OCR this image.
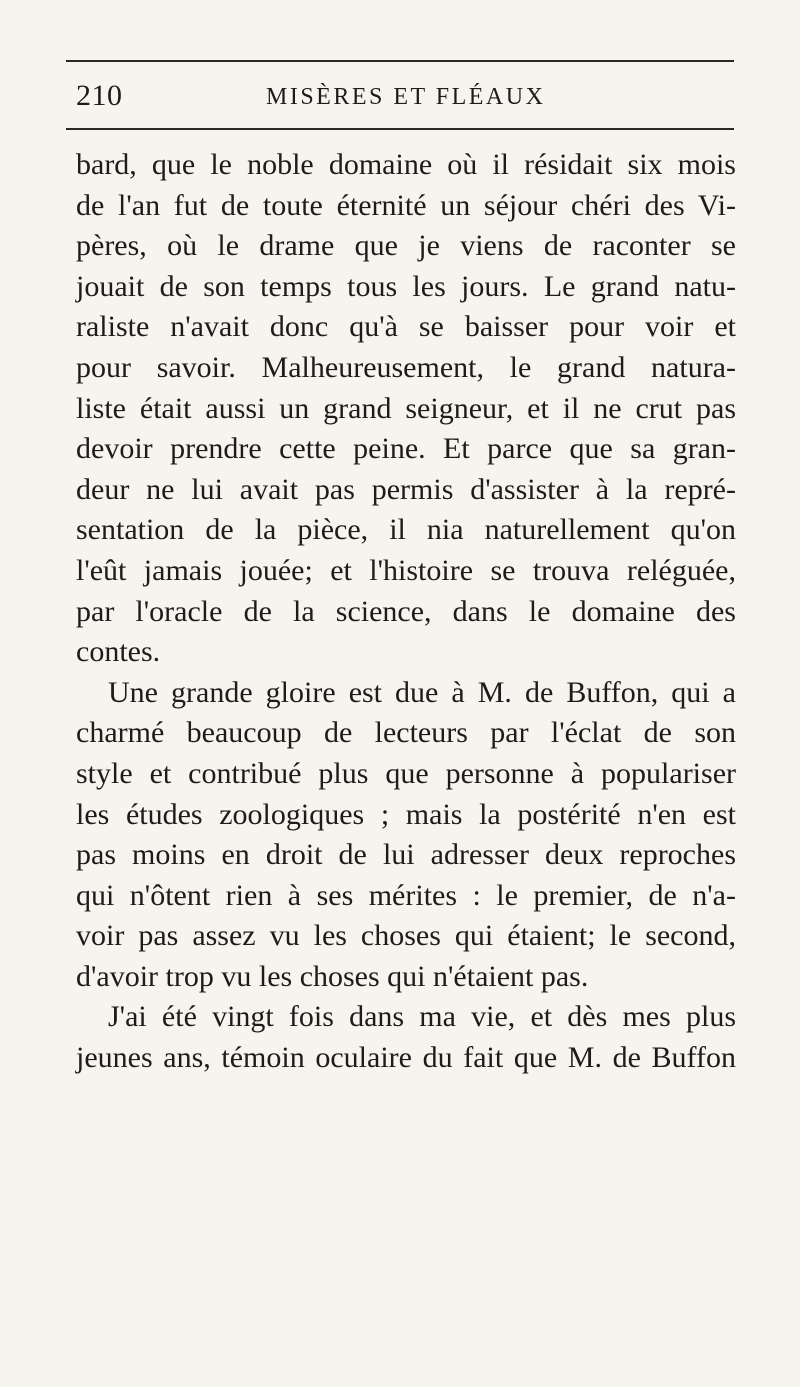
210	MISÈRES ET FLÉAUX
bard, que le noble domaine où il résidait six mois
de l'an fut de toute éternité un séjour chéri des Vi-
pères, où le drame que je viens de raconter se
jouait de son temps tous les jours. Le grand natu-
raliste n'avait donc qu'à se baisser pour voir et
pour savoir. Malheureusement, le grand natura-
liste était aussi un grand seigneur, et il ne crut pas
devoir prendre cette peine. Et parce que sa gran-
deur ne lui avait pas permis d'assister à la repré-
sentation de la pièce, il nia naturellement qu'on
l'eût jamais jouée; et l'histoire se trouva reléguée,
par l'oracle de la science, dans le domaine des
contes.
Une grande gloire est due à M. de Buffon, qui a
charmé beaucoup de lecteurs par l'éclat de son
style et contribué plus que personne à populariser
les études zoologiques ; mais la postérité n'en est
pas moins en droit de lui adresser deux reproches
qui n'ôtent rien à ses mérites : le premier, de n'a-
voir pas assez vu les choses qui étaient; le second,
d'avoir trop vu les choses qui n'étaient pas.
J'ai été vingt fois dans ma vie, et dès mes plus
jeunes ans, témoin oculaire du fait que M. de Buffon
